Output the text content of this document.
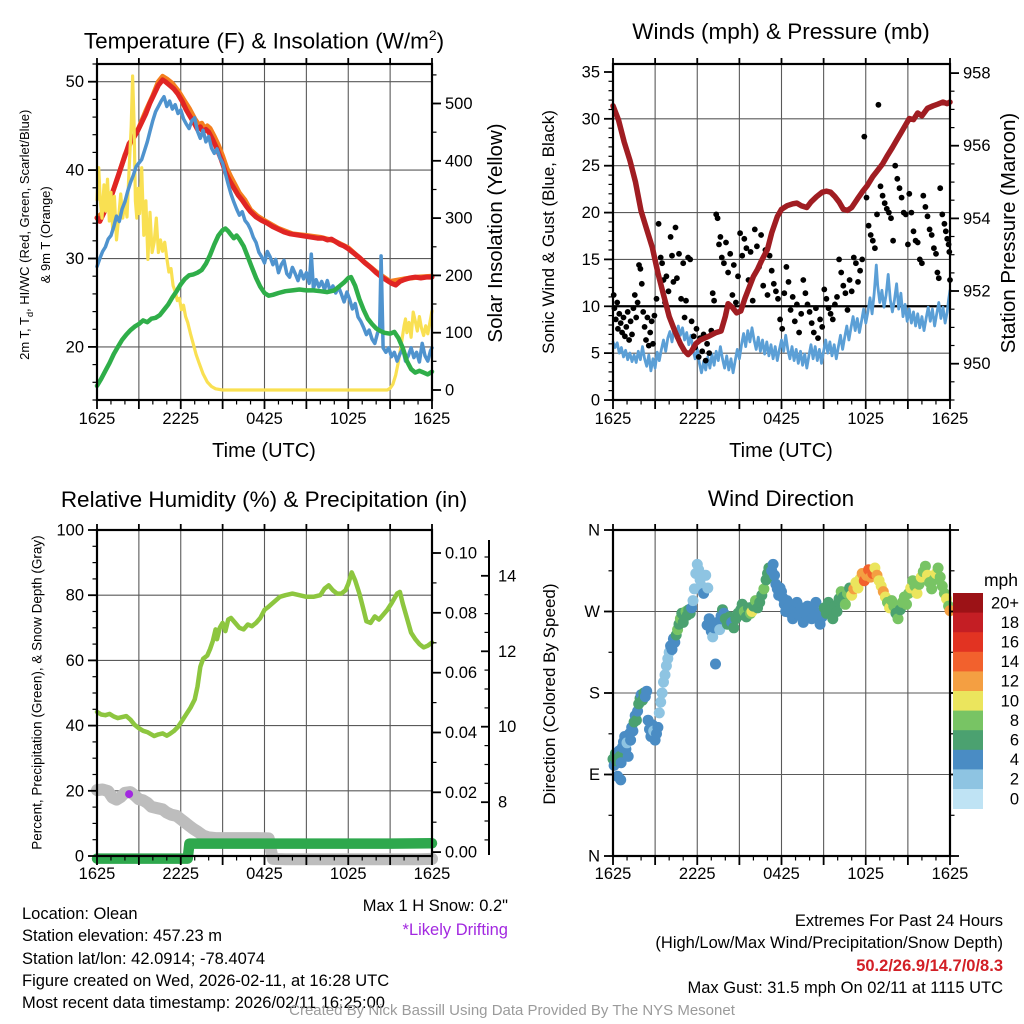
1625	2225	0425	1025	1625
20
30
40
50
0
100
200
300
400
500
1625	2225	0425	1025	1625
0
5
10
15
20
25
30
35
950
952
954
956
958
1625	2225	0425	1025	1625
0
20
40
60
80
100
0.00
0.02
0.04
0.06
0.08
0.10
1625	2225	0425	1025	1625
N
E
S
W
N
8
10
12
14	mph
20+
18
16
14
12
10
8
6
4
2
0
Temperature (F) & Insolation $(W/m^2)$	Winds (mph) & Pressure (mb)
Relative Humidity (%) & Precipitation (in)	Wind Direction
Time (UTC)	Time (UTC)
2m T, $T_d$, HI/WC (Red, Green, Scarlet/Blue) & 9m T (Orange)	Solar Insolation (Yellow) Sonic Wind & Gust (Blue, Black)	Station Pressure (Maroon)
Percent, Precipitation (Green), & Snow Depth (Gray)	Direction (Colored By Speed)
Location: Olean
Station elevation: 457.23 m
Station lat/lon: 42.0914; -78.4074
Figure created on Wed, 2026-02-11, at 16:28 UTC
Most recent data timestamp: 2026/02/11 16:25:00
Max 1 H Snow: 0.2"
*Likely Drifting	Extremes For Past 24 Hours
(High/Low/Max Wind/Precipitation/Snow Depth)
50.2/26.9/14.7/0/8.3
Max Gust: 31.5 mph On 02/11 at 1115 UTC
Created By Nick Bassill Using Data Provided By The NYS Mesonet
